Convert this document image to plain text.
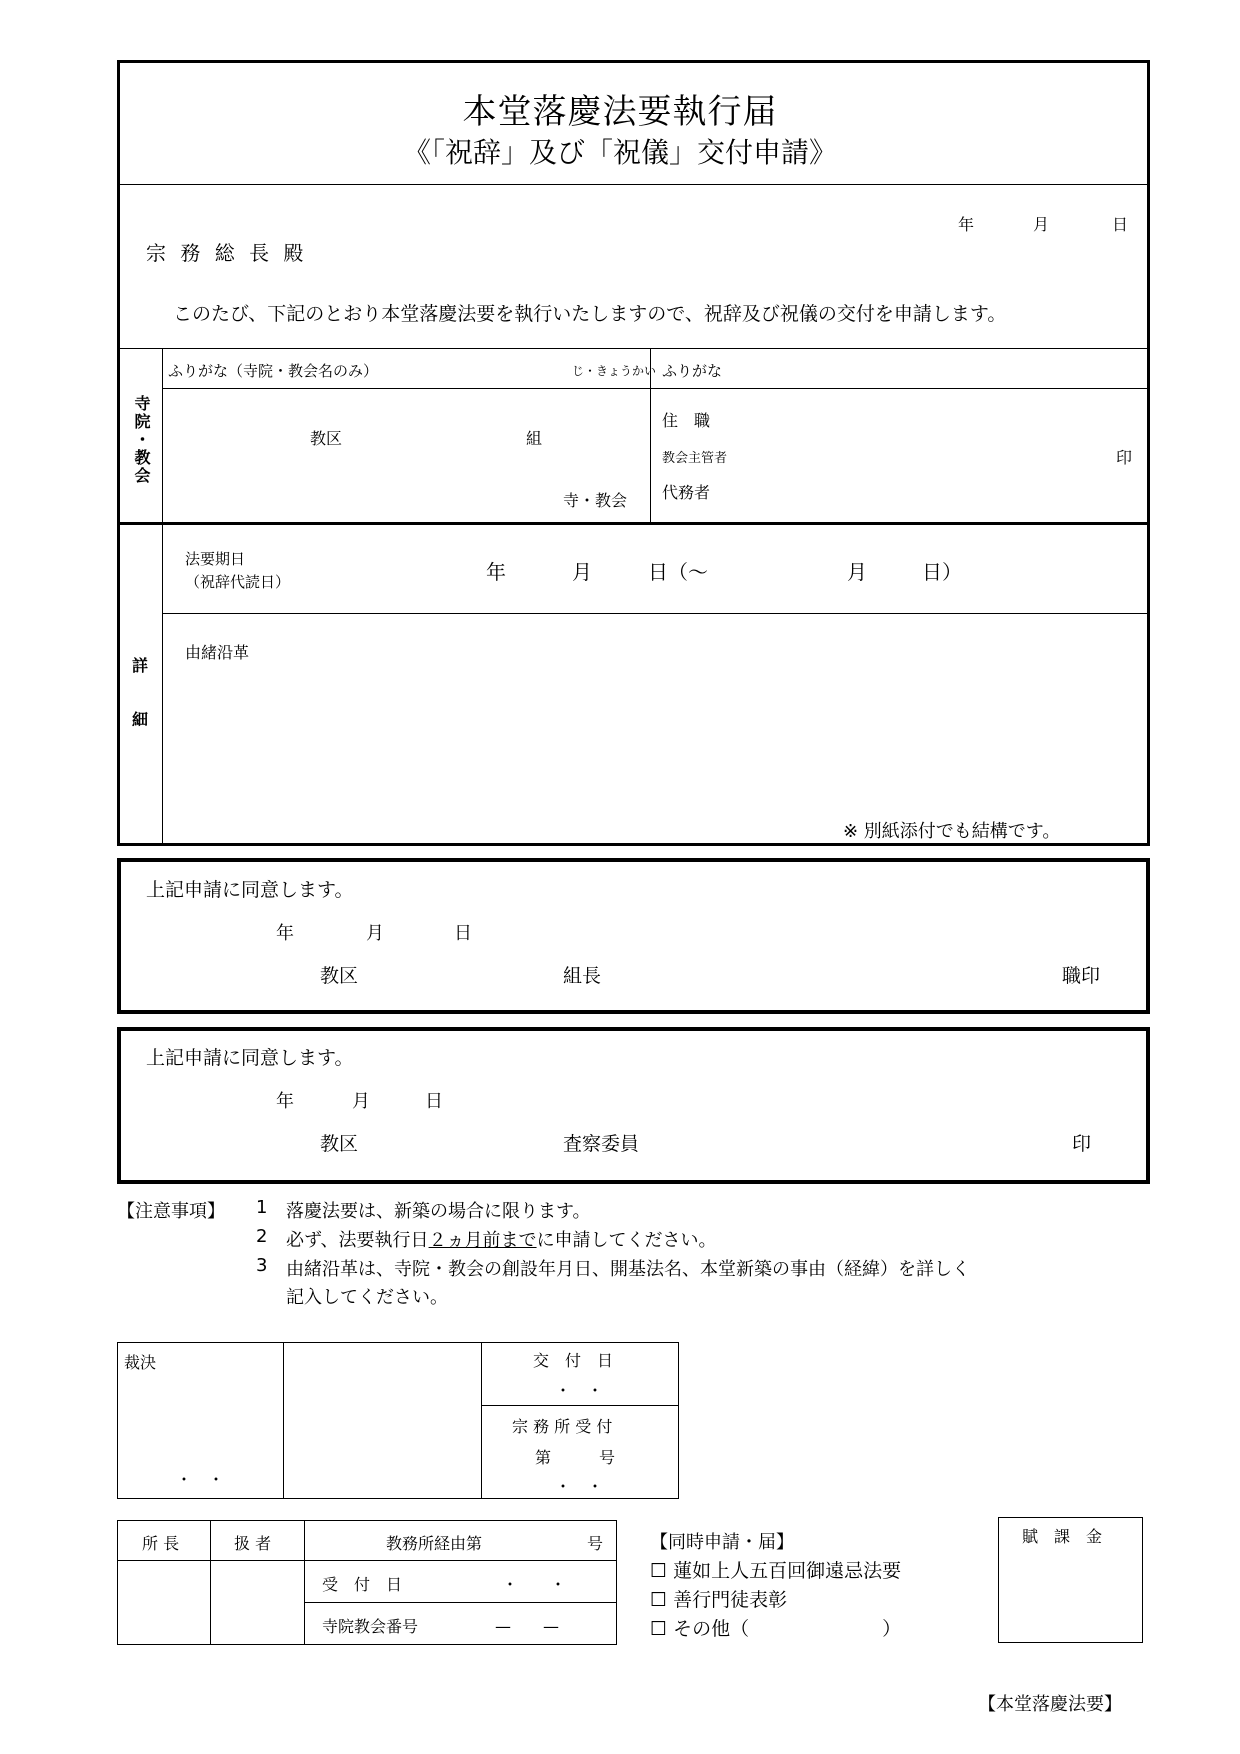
本堂落慶法要執行届
《「祝辞」及び「祝儀」交付申請》
年	月	日
宗 務 総 長 殿
このたび、下記のとおり本堂落慶法要を執行いたしますので、祝辞及び祝儀の交付を申請します。
寺院・教会
ふりがな（寺院・教会名のみ）	じ・きょうかい ふりがな
教区	組
寺・教会
住　職
教会主管者	印
代務者
詳
細
法要期日
（祝辞代読日）	年	月	日（〜	月	日）
由緒沿革
※ 別紙添付でも結構です。
上記申請に同意します。
年	月	日
教区	組長	職印
上記申請に同意します。
年	月	日
教区	査察委員	印
【注意事項】 1 落慶法要は、新築の場合に限ります。
2 必ず、法要執行日２ヵ月前までに申請してください。
3 由緒沿革は、寺院・教会の創設年月日、開基法名、本堂新築の事由（経緯）を詳しく
記入してください。
裁決
・　・
交　付　日
・　・
宗 務 所 受 付
第　　　号
・　・
所 長	扱 者	教務所経由第	号
受　付　日	・　　・
寺院教会番号	—　　—
【同時申請・届】
☐ 蓮如上人五百回御遠忌法要
☐ 善行門徒表彰
☐ その他（　　　　　　　）
賦　課　金
【本堂落慶法要】
